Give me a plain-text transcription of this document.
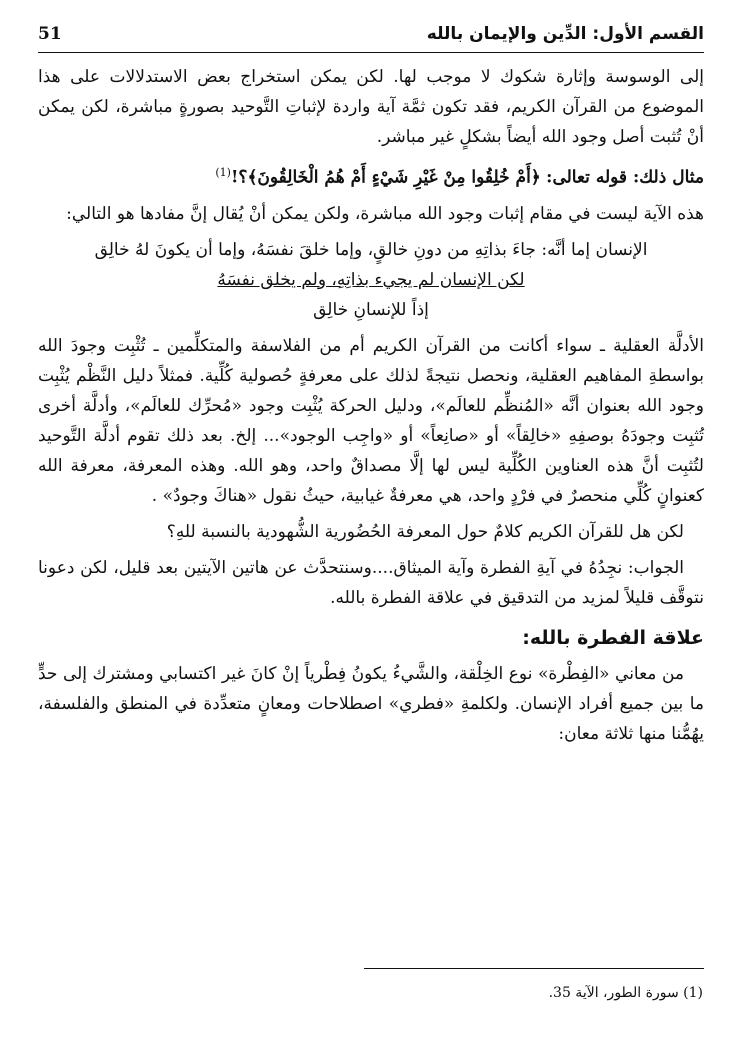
القسم الأول: الدِّين والإيمان بالله
51

إلى الوسوسة وإثارة شكوك لا موجب لها. لكن يمكن استخراج بعض الاستدلالات على هذا الموضوع من القرآن الكريم، فقد تكون ثمَّة آية واردة لإثباتِ التَّوحيد بصورةٍ مباشرة، لكن يمكن أنْ تُثبت أصل وجود الله أيضاً بشكلٍ غير مباشر.

مثال ذلك: قوله تعالى: ﴿أَمْ خُلِقُوا مِنْ غَيْرِ شَيْءٍ أَمْ هُمُ الْخَالِقُونَ﴾؟!$^{(1)}$

هذه الآية ليست في مقام إثبات وجود الله مباشرة، ولكن يمكن أنْ يُقال إنَّ مفادها هو التالي:

الإنسان إما أنَّه: جاءَ بذاتِهِ من دونِ خالقٍ، وإما خلقَ نفسَهُ، وإما أن يكونَ لهُ خالِق

لكن الإنسان لم يجيء بذاتِهِ، ولم يخلق نفسَهُ

إذاً للإنسانِ خالِق

الأدلَّة العقلية ـ سواء أكانت من القرآن الكريم أم من الفلاسفة والمتكلِّمين ـ تُثْبِت وجودَ الله بواسطةِ المفاهيم العقلية، ونحصل نتيجةً لذلك على معرفةٍ حُصولية كُلِّية. فمثلاً دليل النَّظْم يُثْبِت وجود الله بعنوان أنَّه «المُنظِّم للعالَم»، ودليل الحركة يُثْبِت وجود «مُحرِّك للعالَم»، وأدلَّة أخرى تُثبِت وجودَهُ بوصفِهِ «خالِقاً» أو «صانِعاً» أو «واجِب الوجود»... إلخ. بعد ذلك تقوم أدلَّة التَّوحيد لتُثبِت أنَّ هذه العناوين الكُلِّية ليس لها إلَّا مصداقٌ واحد، وهو الله. وهذه المعرفة، معرفة الله كعنوانٍ كُلِّي منحصرٌ في فرْدٍ واحد، هي معرفةٌ غيابية، حيثُ نقول «هناكَ وجودٌ» .

لكن هل للقرآن الكريم كلامٌ حول المعرفة الحُضُورية الشُّهودية بالنسبة للهِ؟

الجواب: نجِدُهُ في آيةِ الفطرة وآية الميثاق....وسنتحدَّث عن هاتين الآيتين بعد قليل، لكن دعونا نتوقَّف قليلاً لمزيد من التدقيق في علاقة الفطرة بالله.

علاقة الفطرة بالله:

من معاني «الفِطْرة» نوع الخِلْقة، والشَّيءُ يكونُ فِطْرياً إنْ كانَ غير اكتسابي ومشترك إلى حدٍّ ما بين جميع أفراد الإنسان. ولكلمةِ «فطري» اصطلاحات ومعانٍ متعدِّدة في المنطق والفلسفة، يهُمُّنا منها ثلاثة معان:

(1) سورة الطور، الآية 35.
